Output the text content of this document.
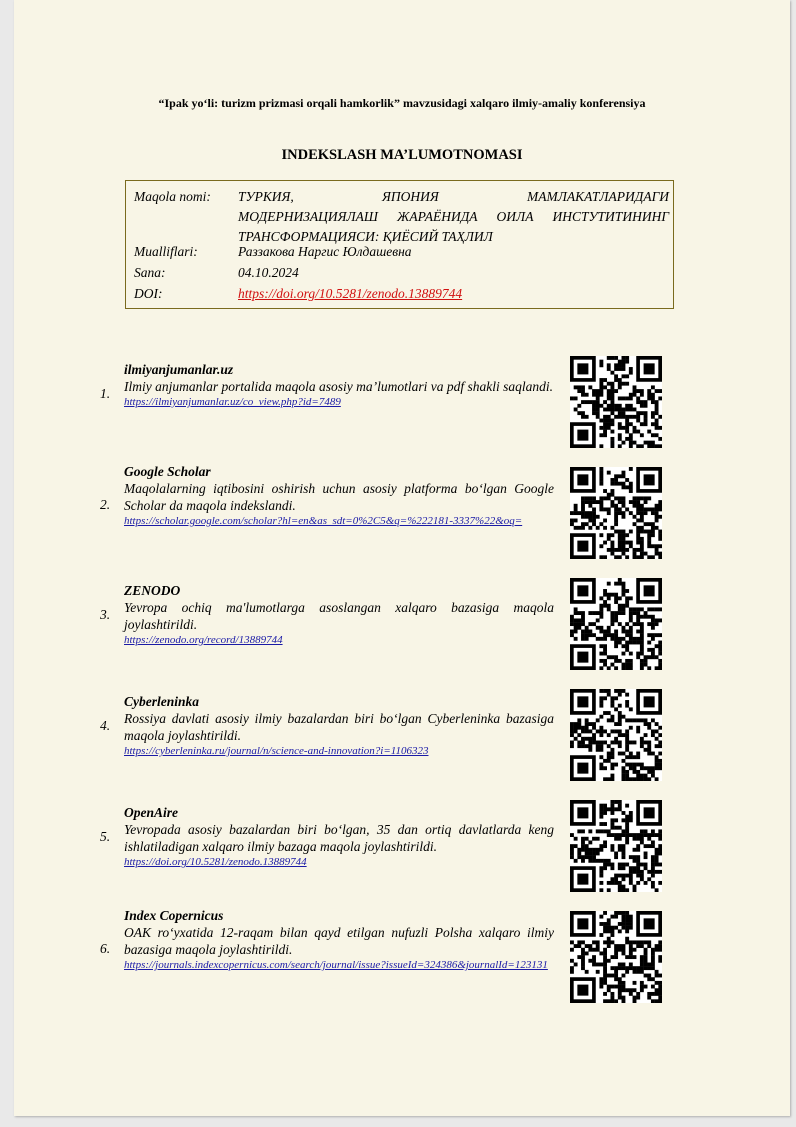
“Ipak yo‘li: turizm prizmasi orqali hamkorlik” mavzusidagi xalqaro ilmiy-amaliy konferensiya
INDEKSLASH MA’LUMOTNOMASI
Maqola nomi:	ТУРКИЯ, ЯПОНИЯ МАМЛАКАТЛАРИДАГИ
МОДЕРНИЗАЦИЯЛАШ ЖАРАЁНИДА ОИЛА ИНСТУТИТИНИНГ
ТРАНСФОРМАЦИЯСИ: ҚИЁСИЙ ТАҲЛИЛ
Mualliflari:	Раззакова Наргис Юлдашевна
Sana:	04.10.2024
DOI:	https://doi.org/10.5281/zenodo.13889744
1.
ilmiyanjumanlar.uz
Ilmiy anjumanlar portalida maqola asosiy ma’lumotlari va pdf shakli saqlandi.
https://ilmiyanjumanlar.uz/co_view.php?id=7489
2.
Google Scholar
Maqolalarning iqtibosini oshirish uchun asosiy platforma bo‘lgan Google Scholar da maqola indekslandi.
https://scholar.google.com/scholar?hl=en&as_sdt=0%2C5&q=%222181-3337%22&oq=
3.
ZENODO
Yevropa ochiq ma'lumotlarga asoslangan xalqaro bazasiga maqola joylashtirildi.
https://zenodo.org/record/13889744
4.
Cyberleninka
Rossiya davlati asosiy ilmiy bazalardan biri bo‘lgan Cyberleninka bazasiga maqola joylashtirildi.
https://cyberleninka.ru/journal/n/science-and-innovation?i=1106323
5.
OpenAire
Yevropada asosiy bazalardan biri bo‘lgan, 35 dan ortiq davlatlarda keng ishlatiladigan xalqaro ilmiy bazaga maqola joylashtirildi.
https://doi.org/10.5281/zenodo.13889744
6.
Index Copernicus
OAK ro‘yxatida 12-raqam bilan qayd etilgan nufuzli Polsha xalqaro ilmiy bazasiga maqola joylashtirildi.
https://journals.indexcopernicus.com/search/journal/issue?issueId=324386&journalId=123131
